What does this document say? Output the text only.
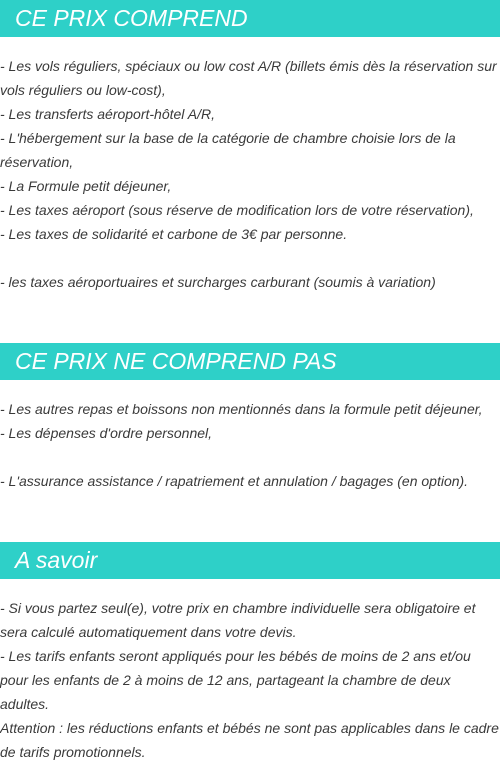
CE PRIX COMPREND
- Les vols réguliers, spéciaux ou low cost A/R (billets émis dès la réservation sur vols réguliers ou low-cost),
- Les transferts aéroport-hôtel A/R,
- L'hébergement sur la base de la catégorie de chambre choisie lors de la réservation,
- La Formule petit déjeuner,
- Les taxes aéroport (sous réserve de modification lors de votre réservation),
- Les taxes de solidarité et carbone de 3€ par personne.
- les taxes aéroportuaires et surcharges carburant (soumis à variation)
CE PRIX NE COMPREND PAS
- Les autres repas et boissons non mentionnés dans la formule petit déjeuner,
- Les dépenses d'ordre personnel,
- L'assurance assistance / rapatriement et annulation / bagages (en option).
A savoir
- Si vous partez seul(e), votre prix en chambre individuelle sera obligatoire et sera calculé automatiquement dans votre devis.
- Les tarifs enfants seront appliqués pour les bébés de moins de 2 ans et/ou pour les enfants de 2 à moins de 12 ans, partageant la chambre de deux adultes.
Attention : les réductions enfants et bébés ne sont pas applicables dans le cadre de tarifs promotionnels.
